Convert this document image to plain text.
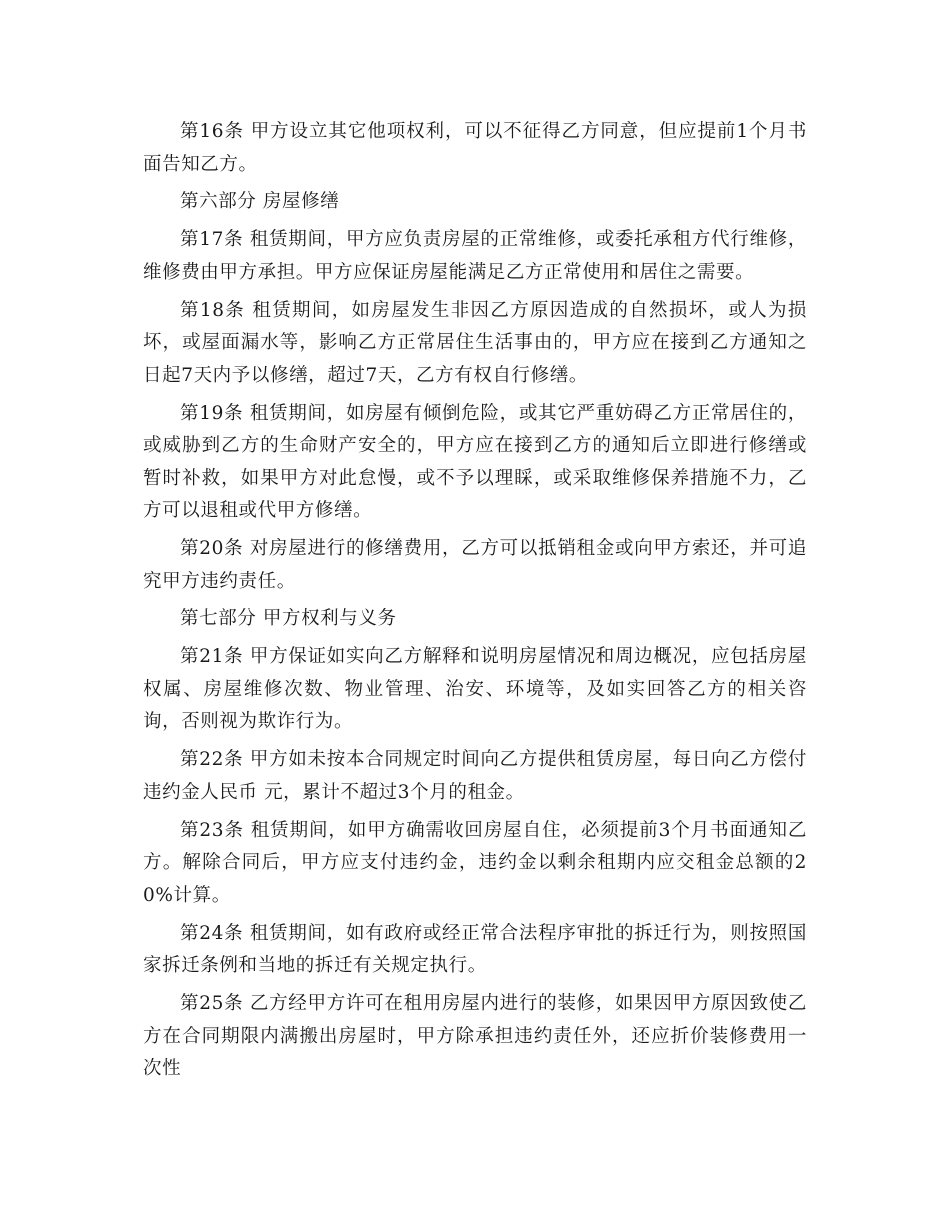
第16条 甲方设立其它他项权利，可以不征得乙方同意，但应提前1个月书面告知乙方。

第六部分 房屋修缮

第17条 租赁期间，甲方应负责房屋的正常维修，或委托承租方代行维修，维修费由甲方承担。甲方应保证房屋能满足乙方正常使用和居住之需要。

第18条 租赁期间，如房屋发生非因乙方原因造成的自然损坏，或人为损坏，或屋面漏水等，影响乙方正常居住生活事由的，甲方应在接到乙方通知之日起7天内予以修缮，超过7天，乙方有权自行修缮。

第19条 租赁期间，如房屋有倾倒危险，或其它严重妨碍乙方正常居住的，或威胁到乙方的生命财产安全的，甲方应在接到乙方的通知后立即进行修缮或暂时补救，如果甲方对此怠慢，或不予以理睬，或采取维修保养措施不力，乙方可以退租或代甲方修缮。

第20条 对房屋进行的修缮费用，乙方可以抵销租金或向甲方索还，并可追究甲方违约责任。

第七部分 甲方权利与义务

第21条 甲方保证如实向乙方解释和说明房屋情况和周边概况，应包括房屋权属、房屋维修次数、物业管理、治安、环境等，及如实回答乙方的相关咨询，否则视为欺诈行为。

第22条 甲方如未按本合同规定时间向乙方提供租赁房屋，每日向乙方偿付违约金人民币 元，累计不超过3个月的租金。

第23条 租赁期间，如甲方确需收回房屋自住，必须提前3个月书面通知乙方。解除合同后，甲方应支付违约金，违约金以剩余租期内应交租金总额的20%计算。

第24条 租赁期间，如有政府或经正常合法程序审批的拆迁行为，则按照国家拆迁条例和当地的拆迁有关规定执行。

第25条 乙方经甲方许可在租用房屋内进行的装修，如果因甲方原因致使乙方在合同期限内满搬出房屋时，甲方除承担违约责任外，还应折价装修费用一次性
